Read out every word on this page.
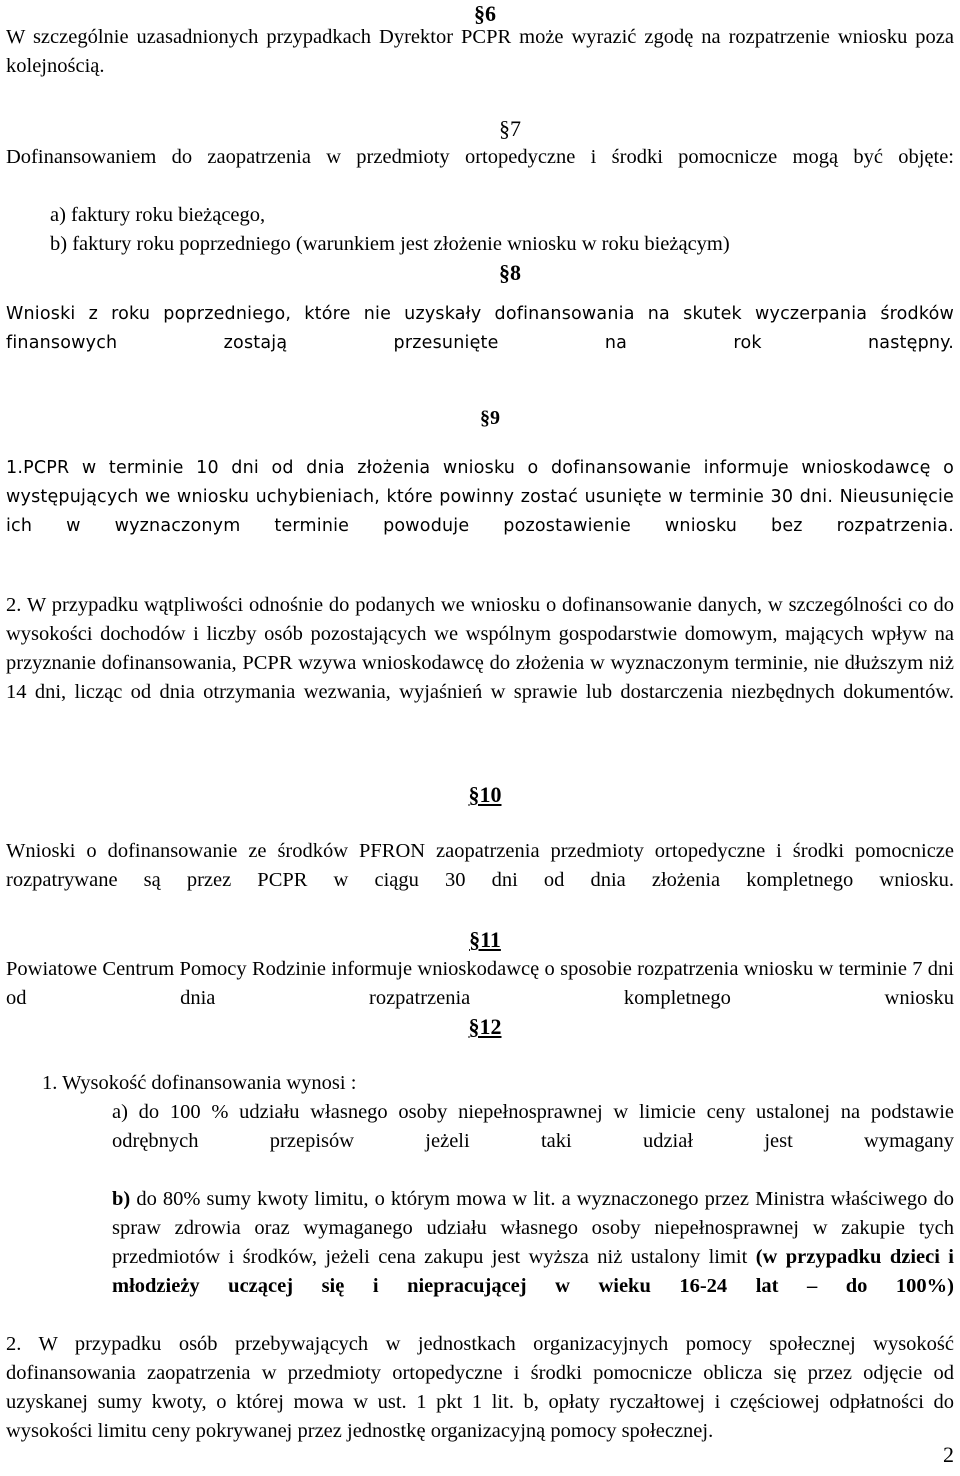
§6

W szczególnie uzasadnionych przypadkach Dyrektor PCPR może wyrazić zgodę na rozpatrzenie wniosku poza kolejnością.

§7

Dofinansowaniem do zaopatrzenia w przedmioty ortopedyczne i środki pomocnicze mogą być objęte:

a) faktury roku bieżącego,
b) faktury roku poprzedniego (warunkiem jest złożenie wniosku w roku bieżącym)
§8

Wnioski z roku poprzedniego, które nie uzyskały dofinansowania na skutek wyczerpania środków finansowych zostają przesunięte na rok następny.

§9

1.PCPR w terminie 10 dni od dnia złożenia wniosku o dofinansowanie informuje wnioskodawcę o występujących we wniosku uchybieniach, które powinny zostać usunięte w terminie 30 dni. Nieusunięcie ich w wyznaczonym terminie powoduje pozostawienie wniosku bez rozpatrzenia.

2. W przypadku wątpliwości odnośnie do podanych we wniosku o dofinansowanie danych, w szczególności co do wysokości dochodów i liczby osób pozostających we wspólnym gospodarstwie domowym, mających wpływ na przyznanie dofinansowania, PCPR wzywa wnioskodawcę do złożenia w wyznaczonym terminie, nie dłuższym niż 14 dni, licząc od dnia otrzymania wezwania, wyjaśnień w sprawie lub dostarczenia niezbędnych dokumentów.

§10

Wnioski o dofinansowanie ze środków PFRON zaopatrzenia przedmioty ortopedyczne i środki pomocnicze rozpatrywane są przez PCPR w ciągu 30 dni od dnia złożenia kompletnego wniosku.

§11

Powiatowe Centrum Pomocy Rodzinie informuje wnioskodawcę o sposobie rozpatrzenia wniosku w terminie 7 dni od dnia rozpatrzenia kompletnego wniosku

§12
1. Wysokość dofinansowania wynosi :

a) do 100 % udziału własnego osoby niepełnosprawnej w limicie ceny ustalonej na podstawie odrębnych przepisów jeżeli taki udział jest wymagany

b) do 80% sumy kwoty limitu, o którym mowa w lit. a wyznaczonego przez Ministra właściwego do spraw zdrowia oraz wymaganego udziału własnego osoby niepełnosprawnej w zakupie tych przedmiotów i środków, jeżeli cena zakupu jest wyższa niż ustalony limit (w przypadku dzieci i młodzieży uczącej się i niepracującej w wieku 16-24 lat – do 100%)

2. W przypadku osób przebywających w jednostkach organizacyjnych pomocy społecznej wysokość dofinansowania zaopatrzenia w przedmioty ortopedyczne i środki pomocnicze oblicza się przez odjęcie od uzyskanej sumy kwoty, o której mowa w ust. 1 pkt 1 lit. b, opłaty ryczałtowej i częściowej odpłatności do wysokości limitu ceny pokrywanej przez jednostkę organizacyjną pomocy społecznej.

2
